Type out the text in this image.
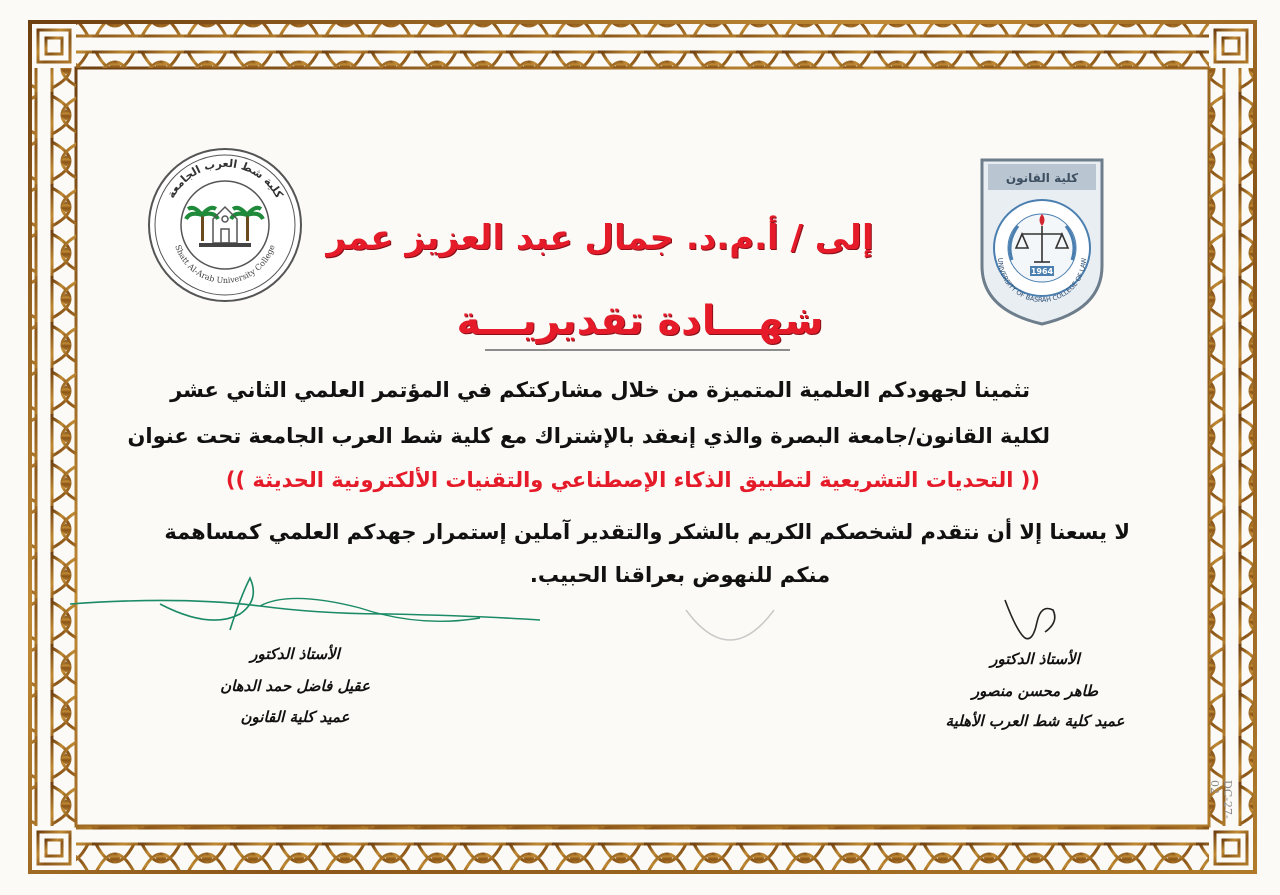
كلية شط العرب الجامعة
Shatt Al-Arab University College
كلية القانون
UNIVERSITY OF BASRAH COLLEGE OF LAW
1964
إلى / أ.م.د. جمال عبد العزيز عمر
شهـــادة تقديريـــة
تثمينا لجهودكم العلمية المتميزة من خلال مشاركتكم في المؤتمر العلمي الثاني عشر
لكلية القانون/جامعة البصرة والذي إنعقد بالإشتراك مع كلية شط العرب الجامعة تحت عنوان
(( التحديات التشريعية لتطبيق الذكاء الإصطناعي والتقنيات الألكترونية الحديثة ))
لا يسعنا إلا أن نتقدم لشخصكم الكريم بالشكر والتقدير آملين إستمرار جهدكم العلمي كمساهمة
منكم للنهوض بعراقنا الحبيب.
الأستاذ الدكتور
عقيل فاضل حمد الدهان
عميد كلية القانون
الأستاذ الدكتور
طاهر محسن منصور
عميد كلية شط العرب الأهلية
DC-27-02
